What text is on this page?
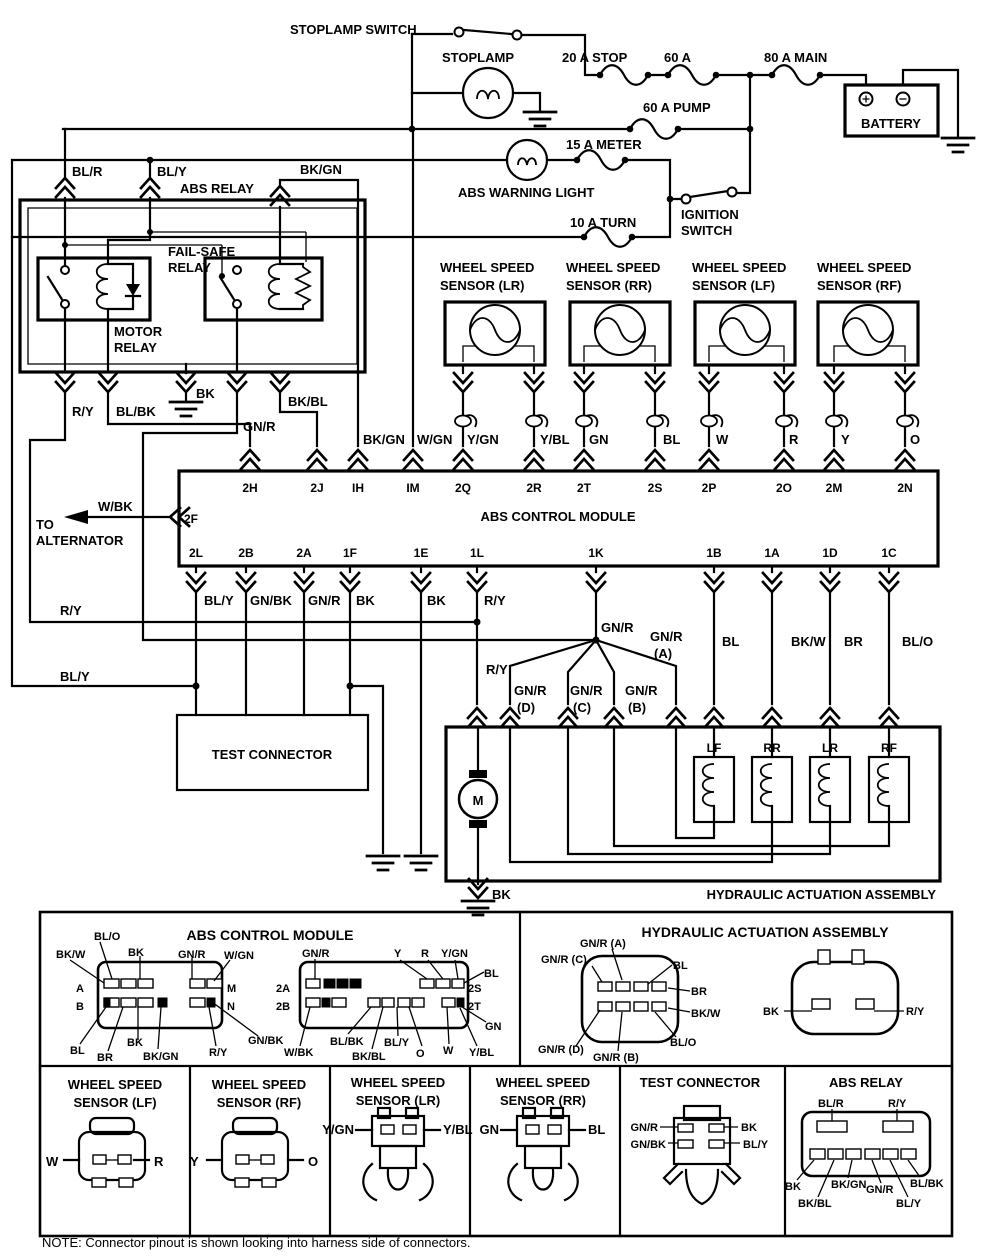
STOPLAMP SWITCH
STOPLAMP	20 A STOP	60 A	80 A MAIN
BATTERY
60 A PUMP
15 A METER
ABS WARNING LIGHT
10 A TURN
IGNITION
SWITCH
BL/R	BL/Y
ABS RELAY
BK/GN
FAIL-SAFE
RELAY
MOTOR
RELAY
R/Y BL/BK
BK
GN/R
BK/BL
WHEEL SPEED
SENSOR (LR)
WHEEL SPEED
SENSOR (RR)
WHEEL SPEED
SENSOR (LF)
WHEEL SPEED
SENSOR (RF)
BK/GN W/GN Y/GN	Y/BL GN	BL	W	R	Y	O
ABS CONTROL MODULE
2F
2H	2J IH	IM	2Q	2R	2T	2S	2P	2O	2M	2N
2L	2B	2A	1F	1E	1L	1K	1B	1A	1D	1C
W/BK
TO
ALTERNATOR
R/Y
BL/Y
BL/Y GN/BK GN/R BK	BK	R/Y
GN/R
GN/R
(A)
R/Y
GN/R
(D)
GN/R
(C)
GN/R
(B)
BL	BK/W BR	BL/O
TEST CONNECTOR
M
LF	RR	LR	RF
BK	HYDRAULIC ACTUATION ASSEMBLY
ABS CONTROL MODULE
BK/W
BL/O
BK	GN/R W/GN
A
B
M
N
BL
BR
BK
BK/GN	R/Y
GN/BK
GN/R	Y R Y/GN
BL
2A
2B
2S
2T
GN
W/BK
BL/BK
BK/BL
BL/Y
O W Y/BL
HYDRAULIC ACTUATION ASSEMBLY
GN/R (A)
GN/R (C)	BL
BR
BK/W
BL/O
GN/R (D)
GN/R (B)
BK	R/Y
WHEEL SPEED
SENSOR (LF)
W	R
WHEEL SPEED
SENSOR (RF)
Y	O
WHEEL SPEED
SENSOR (LR)
Y/GN	Y/BL
WHEEL SPEED
SENSOR (RR)
GN	BL
TEST CONNECTOR
GN/R
GN/BK
BK
BL/Y
ABS RELAY
BL/R	R/Y
BK
BK/BL
BK/GN GN/R
BL/Y
BL/BK
NOTE: Connector pinout is shown looking into harness side of connectors.
